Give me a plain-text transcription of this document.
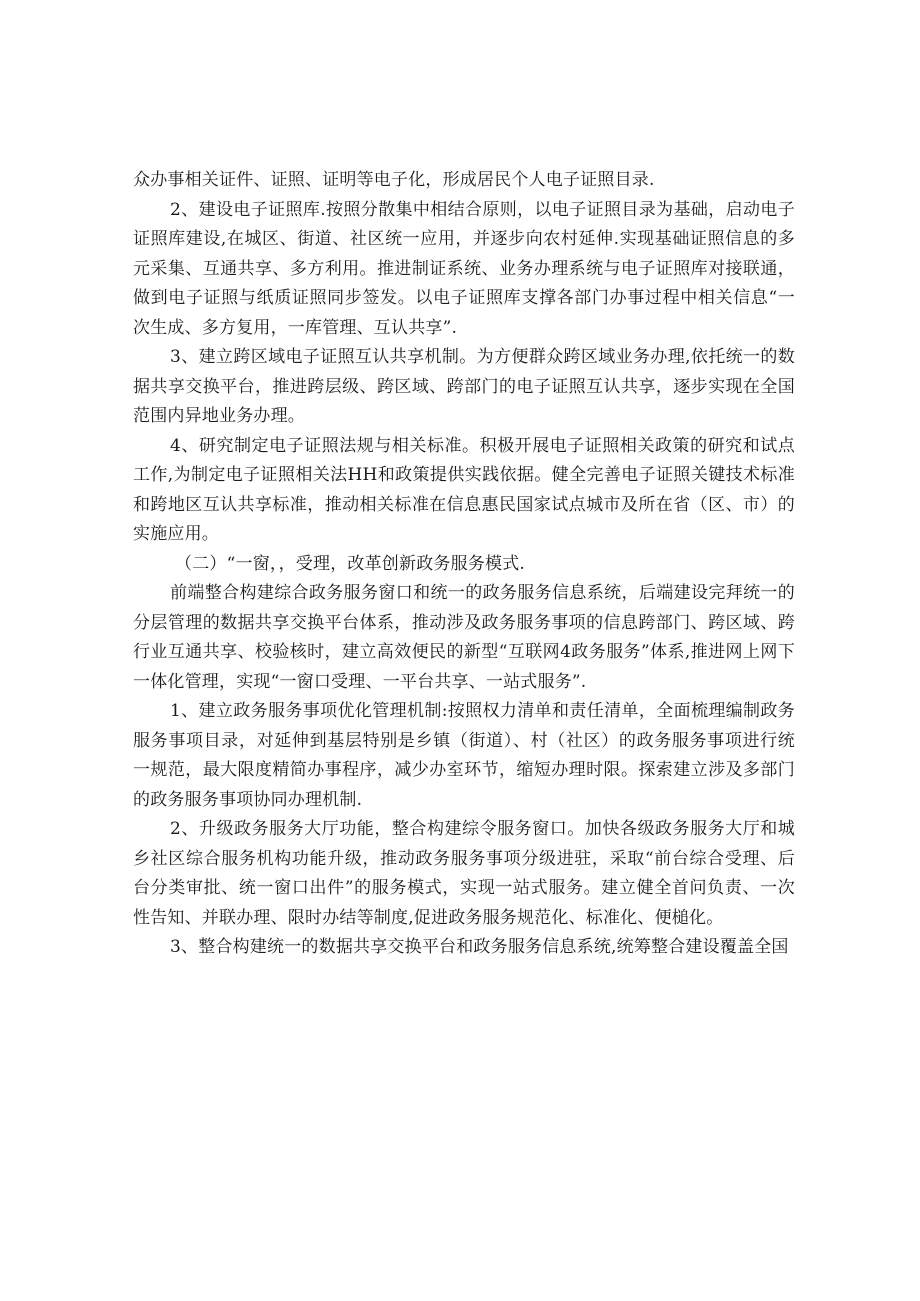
众办事相关证件、证照、证明等电子化，形成居民个人电子证照目录.

2、建设电子证照库.按照分散集中相结合原则，以电子证照目录为基础，启动电子证照库建设,在城区、街道、社区统一应用，并逐步向农村延伸.实现基础证照信息的多元采集、互通共享、多方利用。推进制证系统、业务办理系统与电子证照库对接联通，做到电子证照与纸质证照同步签发。以电子证照库支撑各部门办事过程中相关信息“一次生成、多方复用，一库管理、互认共享”.

3、建立跨区域电子证照互认共享机制。为方便群众跨区域业务办理,依托统一的数据共享交换平台，推进跨层级、跨区域、跨部门的电子证照互认共享，逐步实现在全国范围内异地业务办理。

4、研究制定电子证照法规与相关标准。积极开展电子证照相关政策的研究和试点工作,为制定电子证照相关法HH和政策提供实践依据。健全完善电子证照关键技术标准和跨地区互认共享标准，推动相关标准在信息惠民国家试点城市及所在省（区、市）的实施应用。

（二）“一窗，，受理，改革创新政务服务模式.

前端整合构建综合政务服务窗口和统一的政务服务信息系统，后端建设完拜统一的分层管理的数据共享交换平台体系，推动涉及政务服务事项的信息跨部门、跨区域、跨行业互通共享、校验核时，建立高效便民的新型“互联网4政务服务”体系,推进网上网下一体化管理，实现“一窗口受理、一平台共享、一站式服务”.

1、建立政务服务事项优化管理机制:按照权力清单和责任清单，全面梳理编制政务服务事项目录，对延伸到基层特别是乡镇（街道）、村（社区）的政务服务事项进行统一规范，最大限度精简办事程序，减少办室环节，缩短办理时限。探索建立涉及多部门的政务服务事项协同办理机制.

2、升级政务服务大厅功能，整合构建综令服务窗口。加快各级政务服务大厅和城乡社区综合服务机构功能升级，推动政务服务事项分级进驻，采取“前台综合受理、后台分类审批、统一窗口出件”的服务模式，实现一站式服务。建立健全首问负责、一次性告知、并联办理、限时办结等制度,促进政务服务规范化、标准化、便槌化。

3、整合构建统一的数据共享交换平台和政务服务信息系统,统筹整合建设覆盖全国
